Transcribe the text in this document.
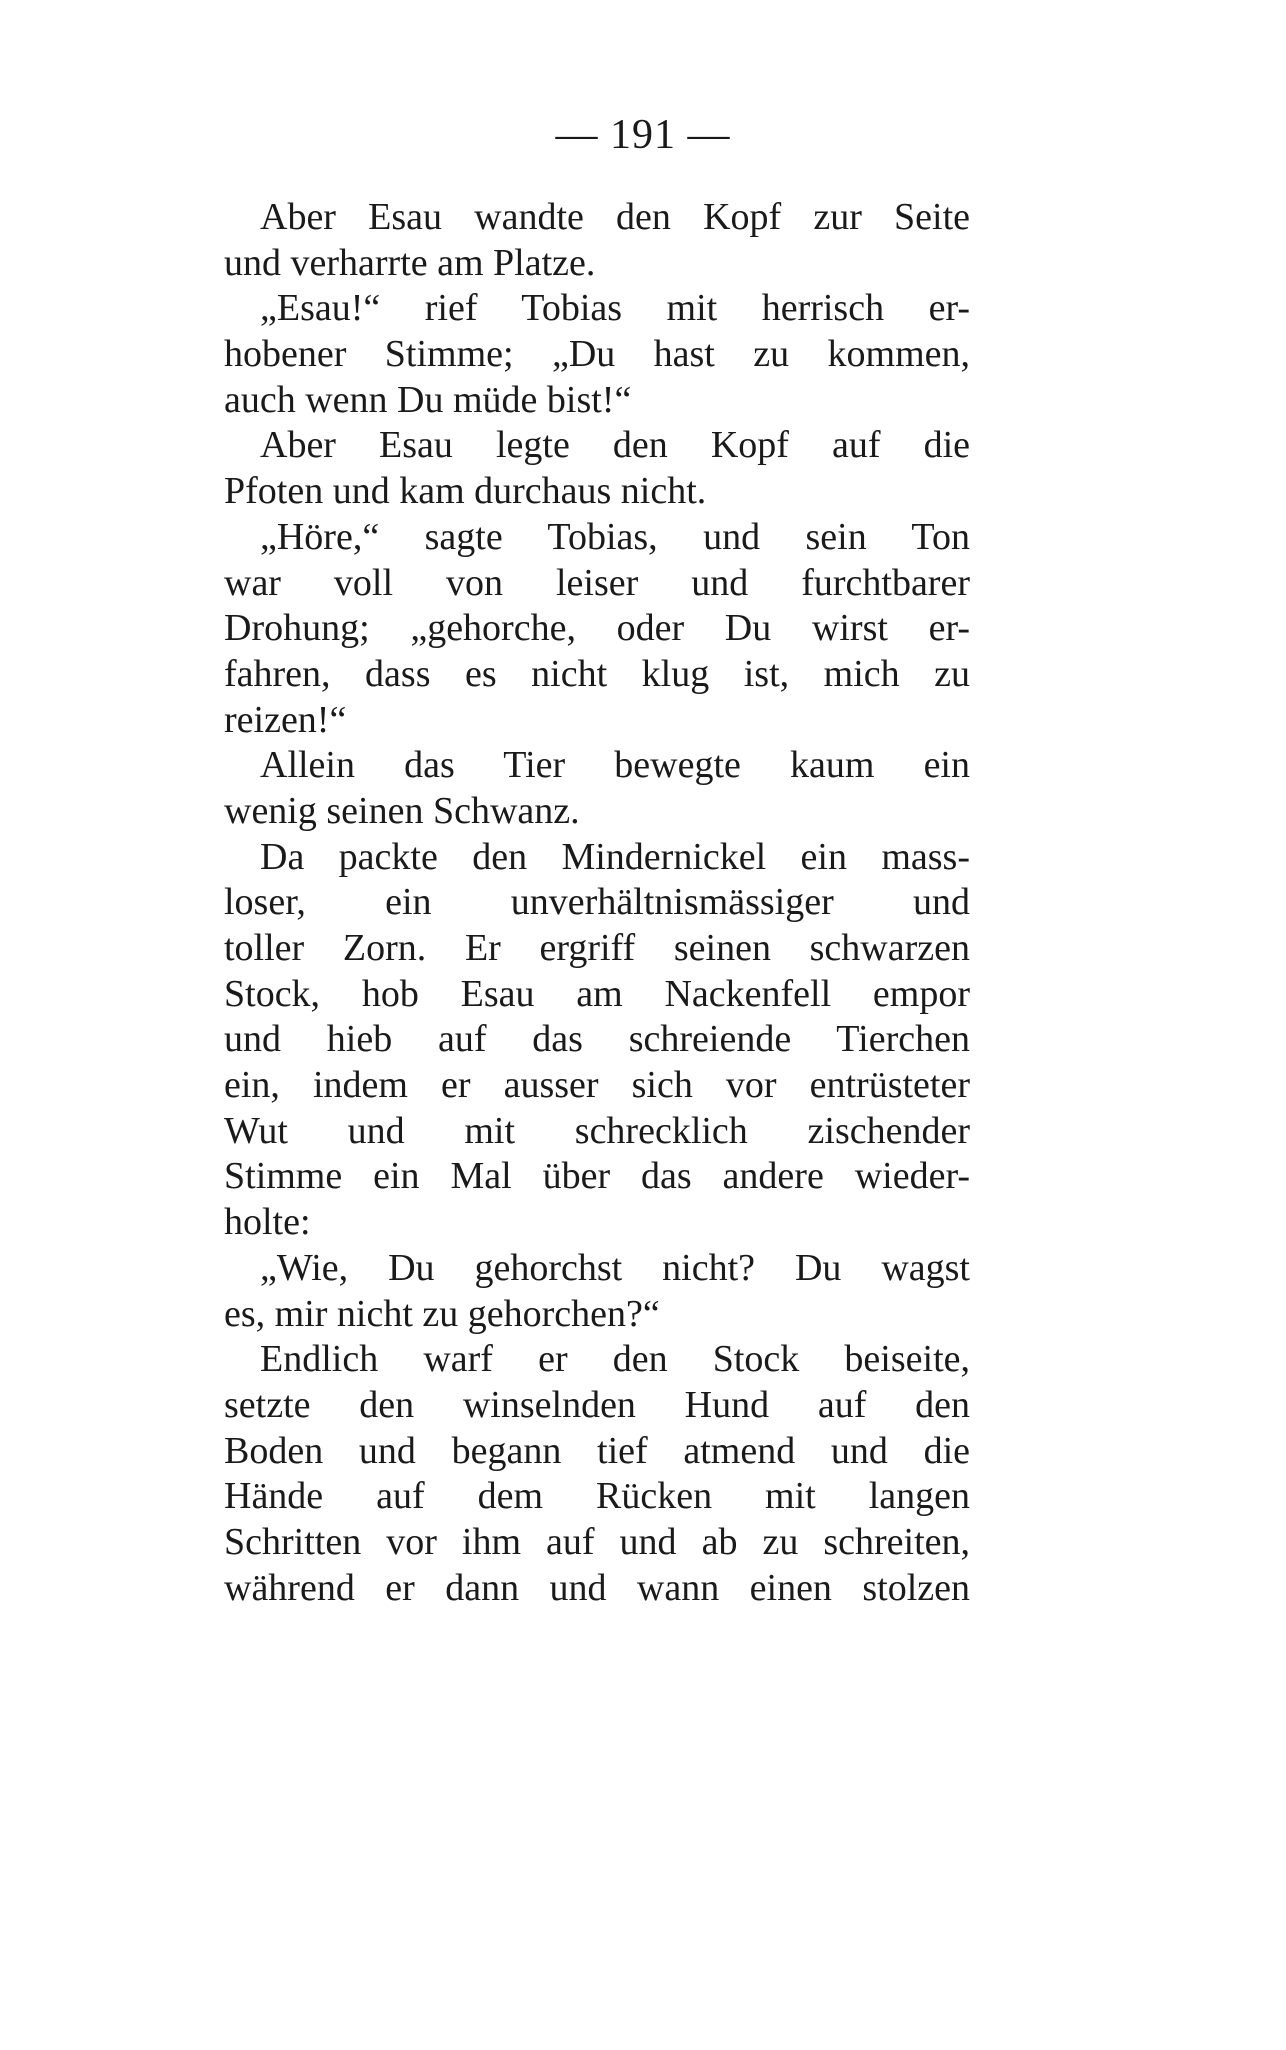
— 191 —
Aber Esau wandte den Kopf zur Seite
und verharrte am Platze.
„Esau!“ rief Tobias mit herrisch er-
hobener Stimme; „Du hast zu kommen,
auch wenn Du müde bist!“
Aber Esau legte den Kopf auf die
Pfoten und kam durchaus nicht.
„Höre,“ sagte Tobias, und sein Ton
war voll von leiser und furchtbarer
Drohung; „gehorche, oder Du wirst er-
fahren, dass es nicht klug ist, mich zu
reizen!“
Allein das Tier bewegte kaum ein
wenig seinen Schwanz.
Da packte den Mindernickel ein mass-
loser, ein unverhältnismässiger und
toller Zorn. Er ergriff seinen schwarzen
Stock, hob Esau am Nackenfell empor
und hieb auf das schreiende Tierchen
ein, indem er ausser sich vor entrüsteter
Wut und mit schrecklich zischender
Stimme ein Mal über das andere wieder-
holte:
„Wie, Du gehorchst nicht? Du wagst
es, mir nicht zu gehorchen?“
Endlich warf er den Stock beiseite,
setzte den winselnden Hund auf den
Boden und begann tief atmend und die
Hände auf dem Rücken mit langen
Schritten vor ihm auf und ab zu schreiten,
während er dann und wann einen stolzen
